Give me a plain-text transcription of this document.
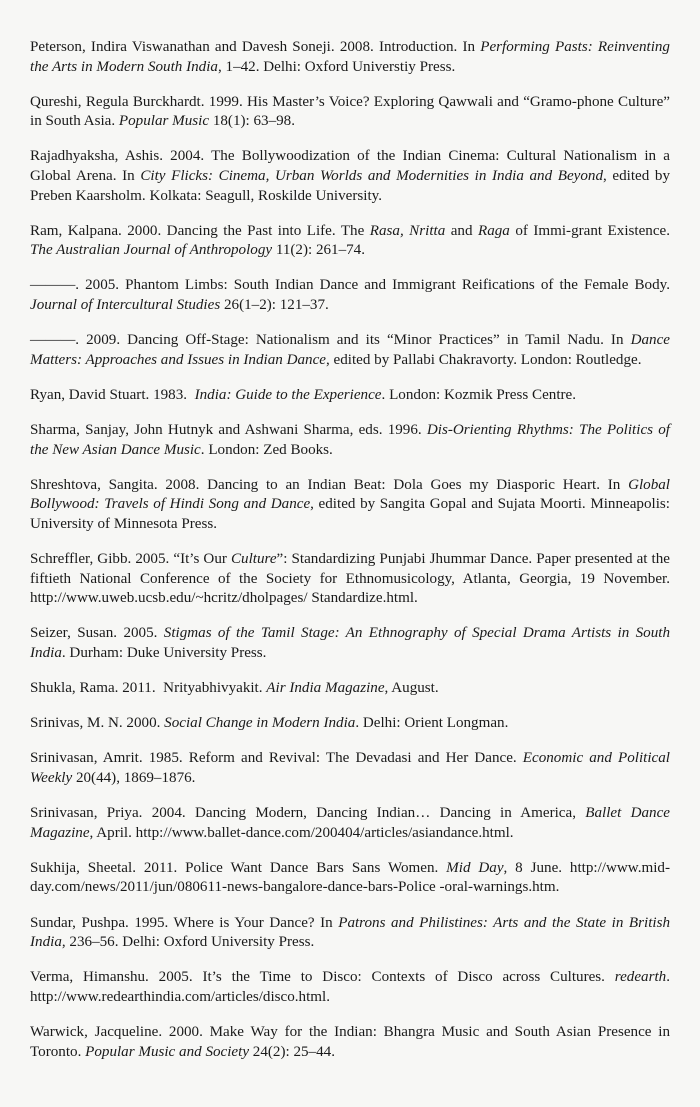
Peterson, Indira Viswanathan and Davesh Soneji. 2008. Introduction. In Performing Pasts: Reinventing the Arts in Modern South India, 1–42. Delhi: Oxford Universtiy Press.

Qureshi, Regula Burckhardt. 1999. His Master’s Voice? Exploring Qawwali and “Gramo-phone Culture” in South Asia. Popular Music 18(1): 63–98.

Rajadhyaksha, Ashis. 2004. The Bollywoodization of the Indian Cinema: Cultural Nationalism in a Global Arena. In City Flicks: Cinema, Urban Worlds and Modernities in India and Beyond, edited by Preben Kaarsholm. Kolkata: Seagull, Roskilde University.

Ram, Kalpana. 2000. Dancing the Past into Life. The Rasa, Nritta and Raga of Immi-grant Existence. The Australian Journal of Anthropology 11(2): 261–74.

———. 2005. Phantom Limbs: South Indian Dance and Immigrant Reifications of the Female Body. Journal of Intercultural Studies 26(1–2): 121–37.

———. 2009. Dancing Off-Stage: Nationalism and its “Minor Practices” in Tamil Nadu. In Dance Matters: Approaches and Issues in Indian Dance, edited by Pallabi Chakravorty. London: Routledge.

Ryan, David Stuart. 1983.  India: Guide to the Experience. London: Kozmik Press Centre.

Sharma, Sanjay, John Hutnyk and Ashwani Sharma, eds. 1996. Dis-Orienting Rhythms: The Politics of the New Asian Dance Music. London: Zed Books.

Shreshtova, Sangita. 2008. Dancing to an Indian Beat: Dola Goes my Diasporic Heart. In Global Bollywood: Travels of Hindi Song and Dance, edited by Sangita Gopal and Sujata Moorti. Minneapolis: University of Minnesota Press.

Schreffler, Gibb. 2005. “It’s Our Culture”: Standardizing Punjabi Jhummar Dance. Paper presented at the fiftieth National Conference of the Society for Ethnomusicology, Atlanta, Georgia, 19 November. http://www.uweb.ucsb.edu/~hcritz/dholpages/ Standardize.html.

Seizer, Susan. 2005. Stigmas of the Tamil Stage: An Ethnography of Special Drama Artists in South India. Durham: Duke University Press.

Shukla, Rama. 2011.  Nrityabhivyakit. Air India Magazine, August.

Srinivas, M. N. 2000. Social Change in Modern India. Delhi: Orient Longman.

Srinivasan, Amrit. 1985. Reform and Revival: The Devadasi and Her Dance. Economic and Political Weekly 20(44), 1869–1876.

Srinivasan, Priya. 2004. Dancing Modern, Dancing Indian… Dancing in America, Ballet Dance Magazine, April. http://www.ballet-dance.com/200404/articles/asiandance.html.

Sukhija, Sheetal. 2011. Police Want Dance Bars Sans Women. Mid Day, 8 June. http://www.mid-day.com/news/2011/jun/080611-news-bangalore-dance-bars-Police -oral-warnings.htm.

Sundar, Pushpa. 1995. Where is Your Dance? In Patrons and Philistines: Arts and the State in British India, 236–56. Delhi: Oxford University Press.

Verma, Himanshu. 2005. It’s the Time to Disco: Contexts of Disco across Cultures. redearth. http://www.redearthindia.com/articles/disco.html.

Warwick, Jacqueline. 2000. Make Way for the Indian: Bhangra Music and South Asian Presence in Toronto. Popular Music and Society 24(2): 25–44.
